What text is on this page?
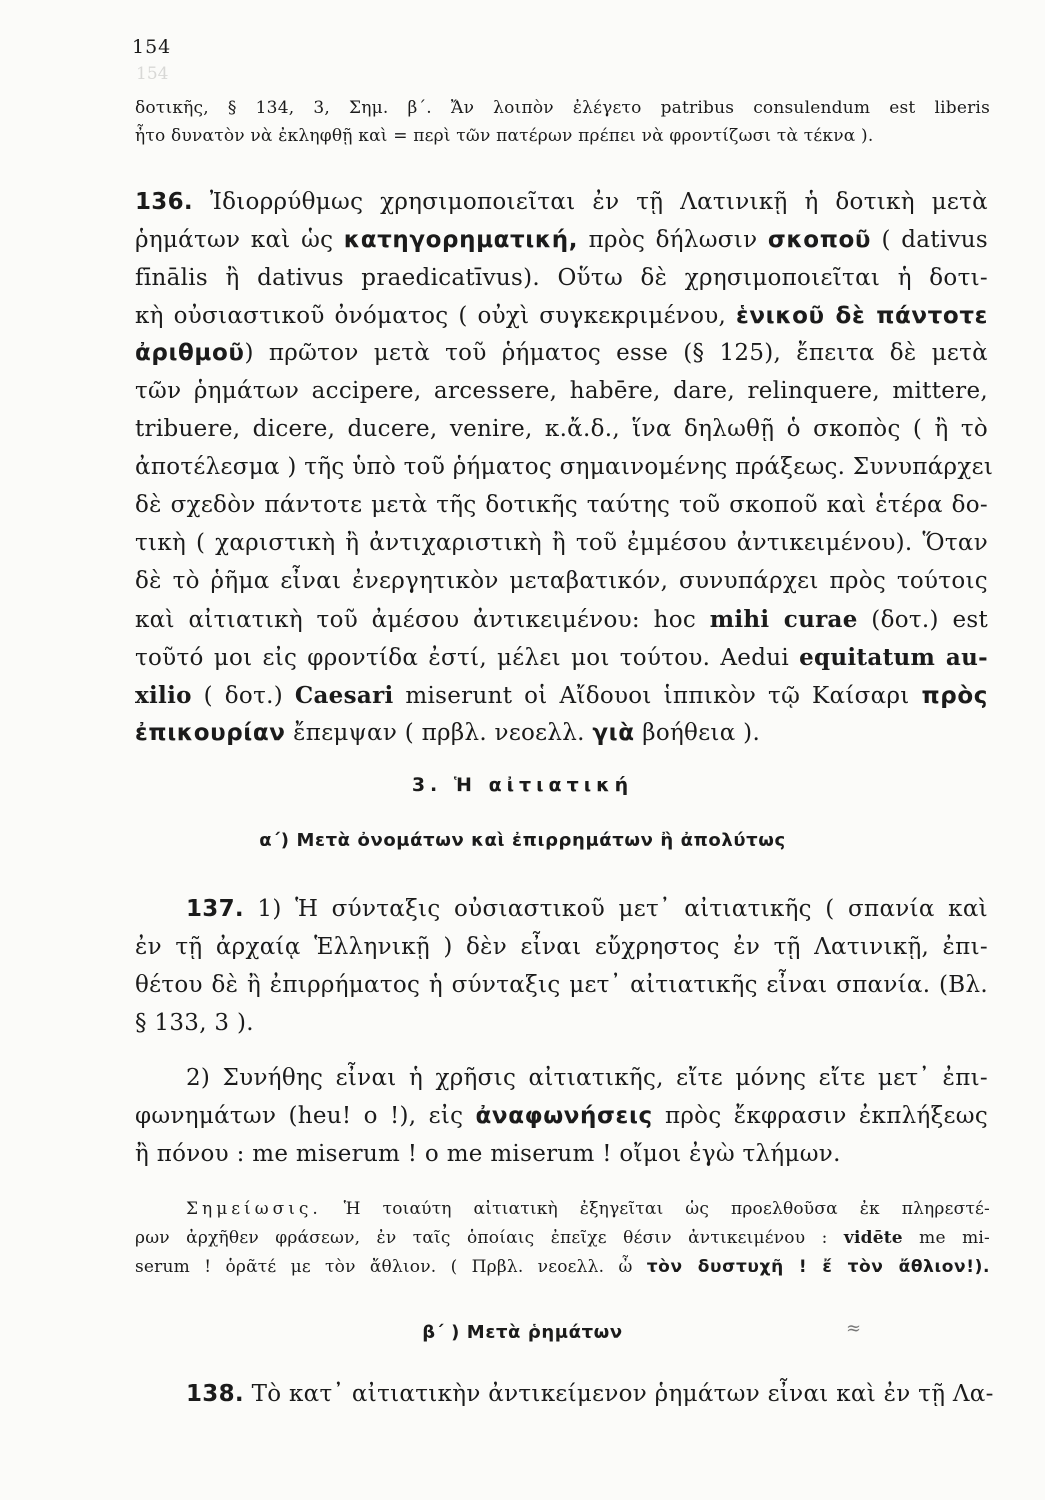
154
154
δοτικῆς, § 134, 3, Σημ. β΄. Ἄν λοιπὸν ἐλέγετο patribus consulendum est liberis
ἦτο δυνατὸν νὰ ἐκληφθῇ καὶ = περὶ τῶν πατέρων πρέπει νὰ φροντίζωσι τὰ τέκνα ).
136. Ἰδιορρύθμως χρησιμοποιεῖται ἐν τῇ Λατινικῇ ἡ δοτικὴ μετὰ
ῥημάτων καὶ ὡς κατηγορηματική, πρὸς δήλωσιν σκοποῦ ( dativus
fīnālis ἢ dativus praedicatīvus). Οὕτω δὲ χρησιμοποιεῖται ἡ δοτι-
κὴ οὐσιαστικοῦ ὀνόματος ( οὐχὶ συγκεκριμένου, ἑνικοῦ δὲ πάντοτε
ἀριθμοῦ) πρῶτον μετὰ τοῦ ῥήματος esse (§ 125), ἔπειτα δὲ μετὰ
τῶν ῥημάτων accipere, arcessere, habēre, dare, relinquere, mittere,
tribuere, dicere, ducere, venire, κ.ἄ.δ., ἵνα δηλωθῇ ὁ σκοπὸς ( ἢ τὸ
ἀποτέλεσμα ) τῆς ὑπὸ τοῦ ῥήματος σημαινομένης πράξεως. Συνυπάρχει
δὲ σχεδὸν πάντοτε μετὰ τῆς δοτικῆς ταύτης τοῦ σκοποῦ καὶ ἑτέρα δο-
τικὴ ( χαριστικὴ ἢ ἀντιχαριστικὴ ἢ τοῦ ἐμμέσου ἀντικειμένου). Ὅταν
δὲ τὸ ῥῆμα εἶναι ἐνεργητικὸν μεταβατικόν, συνυπάρχει πρὸς τούτοις
καὶ αἰτιατικὴ τοῦ ἀμέσου ἀντικειμένου: hoc mihi curae (δοτ.) est
τοῦτό μοι εἰς φροντίδα ἐστί, μέλει μοι τούτου. Aedui equitatum au-
xilio ( δοτ.) Caesari miserunt οἱ Αἴδουοι ἱππικὸν τῷ Καίσαρι πρὸς
ἐπικουρίαν ἔπεμψαν ( πρβλ. νεοελλ. γιὰ βοήθεια ).
3. Ἡ αἰτιατική
α΄) Μετὰ ὀνομάτων καὶ ἐπιρρημάτων ἢ ἀπολύτως
137. 1) Ἡ σύνταξις οὐσιαστικοῦ μετ᾽ αἰτιατικῆς ( σπανία καὶ
ἐν τῇ ἀρχαίᾳ Ἑλληνικῇ ) δὲν εἶναι εὔχρηστος ἐν τῇ Λατινικῇ, ἐπι-
θέτου δὲ ἢ ἐπιρρήματος ἡ σύνταξις μετ᾽ αἰτιατικῆς εἶναι σπανία. (Βλ.
§ 133, 3 ).
2) Συνήθης εἶναι ἡ χρῆσις αἰτιατικῆς, εἴτε μόνης εἴτε μετ᾽ ἐπι-
φωνημάτων (heu! o !), εἰς ἀναφωνήσεις πρὸς ἔκφρασιν ἐκπλήξεως
ἢ πόνου : me miserum ! o me miserum ! οἴμοι ἐγὼ τλήμων.
Σημείωσις. Ἡ τοιαύτη αἰτιατικὴ ἐξηγεῖται ὡς προελθοῦσα ἐκ πληρεστέ-
ρων ἀρχῆθεν φράσεων, ἐν ταῖς ὁποίαις ἐπεῖχε θέσιν ἀντικειμένου : vidēte me mi-
serum ! ὁρᾶτέ με τὸν ἄθλιον. ( Πρβλ. νεοελλ. ὦ τὸν δυστυχῆ ! ἔ τὸν ἄθλιον!).
β΄ ) Μετὰ ῥημάτων	≈
138. Τὸ κατ᾽ αἰτιατικὴν ἀντικείμενον ῥημάτων εἶναι καὶ ἐν τῇ Λα-
